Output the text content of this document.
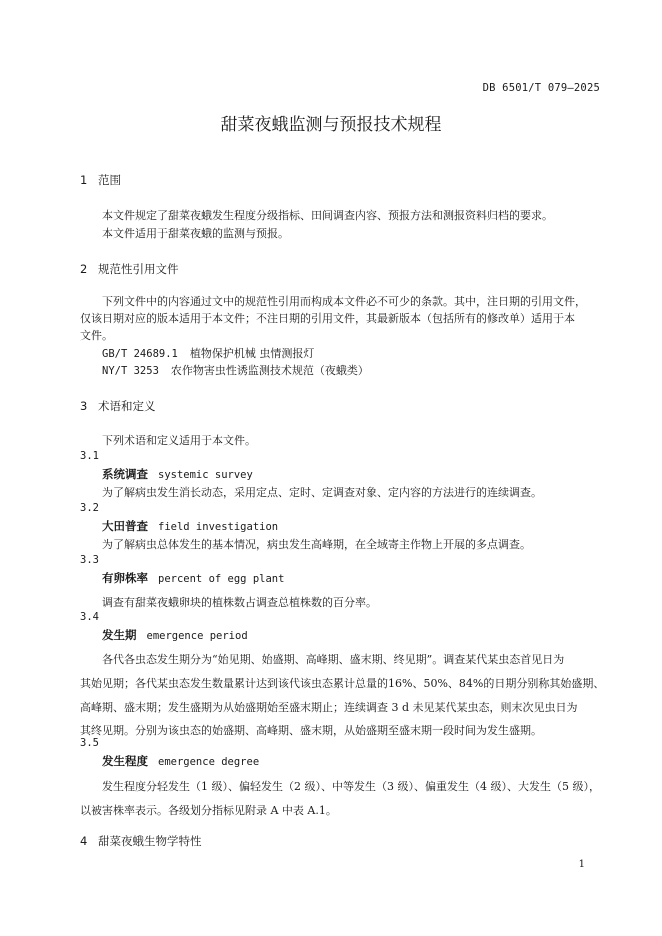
DB 6501/T 079—2025
甜菜夜蛾监测与预报技术规程
1 范围
本文件规定了甜菜夜蛾发生程度分级指标、田间调查内容、预报方法和测报资料归档的要求。
本文件适用于甜菜夜蛾的监测与预报。
2 规范性引用文件
下列文件中的内容通过文中的规范性引用而构成本文件必不可少的条款。其中，注日期的引用文件，
仅该日期对应的版本适用于本文件；不注日期的引用文件，其最新版本（包括所有的修改单）适用于本
文件。
GB/T 24689.1 植物保护机械 虫情测报灯
NY/T 3253 农作物害虫性诱监测技术规范（夜蛾类）
3 术语和定义
下列术语和定义适用于本文件。
3.1
系统调查 systemic survey
为了解病虫发生消长动态，采用定点、定时、定调查对象、定内容的方法进行的连续调查。
3.2
大田普查 field investigation
为了解病虫总体发生的基本情况，病虫发生高峰期，在全域寄主作物上开展的多点调查。
3.3
有卵株率 percent of egg plant
调查有甜菜夜蛾卵块的植株数占调查总植株数的百分率。
3.4
发生期 emergence period
各代各虫态发生期分为“始见期、始盛期、高峰期、盛末期、终见期”。调查某代某虫态首见日为
其始见期；各代某虫态发生数量累计达到该代该虫态累计总量的16%、50%、84%的日期分别称其始盛期、
高峰期、盛末期；发生盛期为从始盛期始至盛末期止；连续调查 3 d 未见某代某虫态，则末次见虫日为
其终见期。分别为该虫态的始盛期、高峰期、盛末期，从始盛期至盛末期一段时间为发生盛期。
3.5
发生程度 emergence degree
发生程度分轻发生（1 级）、偏轻发生（2 级）、中等发生（3 级）、偏重发生（4 级）、大发生（5 级），
以被害株率表示。各级划分指标见附录 A 中表 A.1。
4 甜菜夜蛾生物学特性
1
